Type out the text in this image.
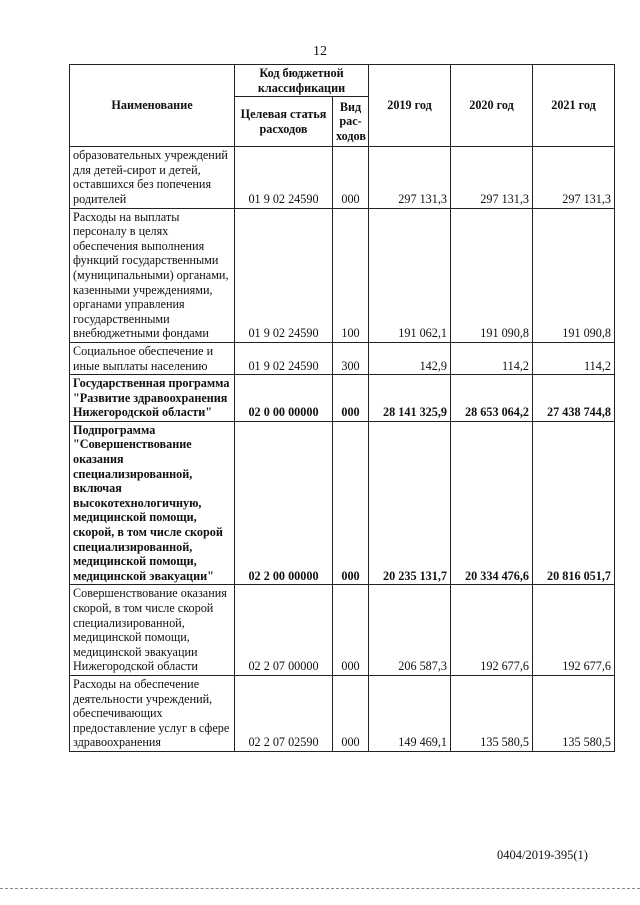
12
Наименование	Код бюджетной классификации		2019 год	2020 год	2021 год
	Целевая статья расходов	Вид рас-ходов			
образовательных учреждений для детей-сирот и детей, оставшихся без попечения родителей	01 9 02 24590	000	297 131,3	297 131,3	297 131,3
Расходы на выплаты персоналу в целях обеспечения выполнения функций государственными (муниципальными) органами, казенными учреждениями, органами управления государственными внебюджетными фондами	01 9 02 24590	100	191 062,1	191 090,8	191 090,8
Социальное обеспечение и иные выплаты населению	01 9 02 24590	300	142,9	114,2	114,2
Государственная программа "Развитие здравоохранения Нижегородской области"	02 0 00 00000	000	28 141 325,9	28 653 064,2	27 438 744,8
Подпрограмма "Совершенствование оказания специализированной, включая высокотехнологичную, медицинской помощи, скорой, в том числе скорой специализированной, медицинской помощи, медицинской эвакуации"	02 2 00 00000	000	20 235 131,7	20 334 476,6	20 816 051,7
Совершенствование оказания скорой, в том числе скорой специализированной, медицинской помощи, медицинской эвакуации Нижегородской области	02 2 07 00000	000	206 587,3	192 677,6	192 677,6
Расходы на обеспечение деятельности учреждений, обеспечивающих предоставление услуг в сфере здравоохранения	02 2 07 02590	000	149 469,1	135 580,5	135 580,5
0404/2019-395(1)
